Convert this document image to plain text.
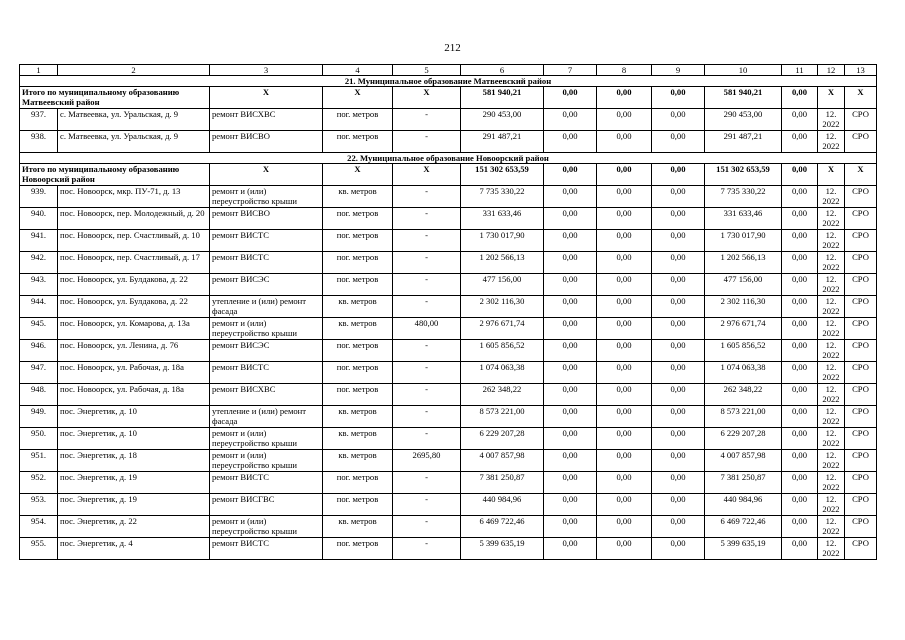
212
1	2	3	4	5	6	7	8	9	10	11	12	13
21. Муниципальное образование Матвеевский район												
Итого по муниципальному образованию Матвеевский район		X	X	X	581 940,21	0,00	0,00	0,00	581 940,21	0,00	X	X
937.	с. Матвеевка, ул. Уральская, д. 9	ремонт ВИСХВС	пог. метров	-	290 453,00	0,00	0,00	0,00	290 453,00	0,00	12. 2022	СРО
938.	с. Матвеевка, ул. Уральская, д. 9	ремонт ВИСВО	пог. метров	-	291 487,21	0,00	0,00	0,00	291 487,21	0,00	12. 2022	СРО
22. Муниципальное образование Новоорский район												
Итого по муниципальному образованию Новоорский район		X	X	X	151 302 653,59	0,00	0,00	0,00	151 302 653,59	0,00	X	X
939.	пос. Новоорск, мкр. ПУ-71, д. 13	ремонт и (или) переустройство крыши	кв. метров	-	7 735 330,22	0,00	0,00	0,00	7 735 330,22	0,00	12. 2022	СРО
940.	пос. Новоорск, пер. Молодежный, д. 20	ремонт ВИСВО	пог. метров	-	331 633,46	0,00	0,00	0,00	331 633,46	0,00	12. 2022	СРО
941.	пос. Новоорск, пер. Счастливый, д. 10	ремонт ВИСТС	пог. метров	-	1 730 017,90	0,00	0,00	0,00	1 730 017,90	0,00	12. 2022	СРО
942.	пос. Новоорск, пер. Счастливый, д. 17	ремонт ВИСТС	пог. метров	-	1 202 566,13	0,00	0,00	0,00	1 202 566,13	0,00	12. 2022	СРО
943.	пос. Новоорск, ул. Булдакова, д. 22	ремонт ВИСЭС	пог. метров	-	477 156,00	0,00	0,00	0,00	477 156,00	0,00	12. 2022	СРО
944.	пос. Новоорск, ул. Булдакова, д. 22	утепление и (или) ремонт фасада	кв. метров	-	2 302 116,30	0,00	0,00	0,00	2 302 116,30	0,00	12. 2022	СРО
945.	пос. Новоорск, ул. Комарова, д. 13а	ремонт и (или) переустройство крыши	кв. метров	480,00	2 976 671,74	0,00	0,00	0,00	2 976 671,74	0,00	12. 2022	СРО
946.	пос. Новоорск, ул. Ленина, д. 76	ремонт ВИСЭС	пог. метров	-	1 605 856,52	0,00	0,00	0,00	1 605 856,52	0,00	12. 2022	СРО
947.	пос. Новоорск, ул. Рабочая, д. 18а	ремонт ВИСТС	пог. метров	-	1 074 063,38	0,00	0,00	0,00	1 074 063,38	0,00	12. 2022	СРО
948.	пос. Новоорск, ул. Рабочая, д. 18а	ремонт ВИСХВС	пог. метров	-	262 348,22	0,00	0,00	0,00	262 348,22	0,00	12. 2022	СРО
949.	пос. Энергетик, д. 10	утепление и (или) ремонт фасада	кв. метров	-	8 573 221,00	0,00	0,00	0,00	8 573 221,00	0,00	12. 2022	СРО
950.	пос. Энергетик, д. 10	ремонт и (или) переустройство крыши	кв. метров	-	6 229 207,28	0,00	0,00	0,00	6 229 207,28	0,00	12. 2022	СРО
951.	пос. Энергетик, д. 18	ремонт и (или) переустройство крыши	кв. метров	2695,80	4 007 857,98	0,00	0,00	0,00	4 007 857,98	0,00	12. 2022	СРО
952.	пос. Энергетик, д. 19	ремонт ВИСТС	пог. метров	-	7 381 250,87	0,00	0,00	0,00	7 381 250,87	0,00	12. 2022	СРО
953.	пос. Энергетик, д. 19	ремонт ВИСГВС	пог. метров	-	440 984,96	0,00	0,00	0,00	440 984,96	0,00	12. 2022	СРО
954.	пос. Энергетик, д. 22	ремонт и (или) переустройство крыши	кв. метров	-	6 469 722,46	0,00	0,00	0,00	6 469 722,46	0,00	12. 2022	СРО
955.	пос. Энергетик, д. 4	ремонт ВИСТС	пог. метров	-	5 399 635,19	0,00	0,00	0,00	5 399 635,19	0,00	12. 2022	СРО
